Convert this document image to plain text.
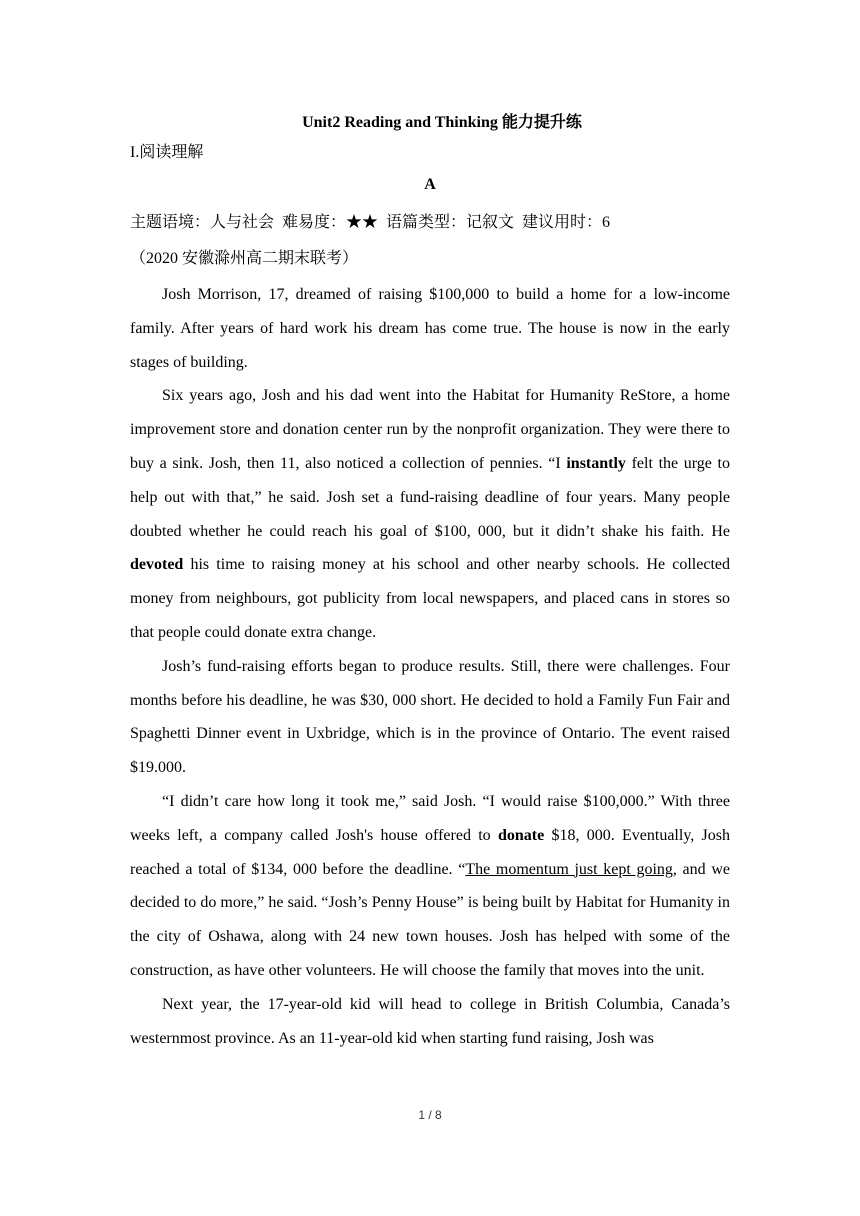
Unit2 Reading and Thinking 能力提升练
I.阅读理解
A
主题语境：人与社会 难易度：★★ 语篇类型：记叙文 建议用时：6
（2020 安徽滁州高二期末联考）

Josh Morrison, 17, dreamed of raising $100,000 to build a home for a low-income family. After years of hard work his dream has come true. The house is now in the early stages of building.

Six years ago, Josh and his dad went into the Habitat for Humanity ReStore, a home improvement store and donation center run by the nonprofit organization. They were there to buy a sink. Josh, then 11, also noticed a collection of pennies. “I instantly felt the urge to help out with that,” he said. Josh set a fund-raising deadline of four years. Many people doubted whether he could reach his goal of $100, 000, but it didn’t shake his faith. He devoted his time to raising money at his school and other nearby schools. He collected money from neighbours, got publicity from local newspapers, and placed cans in stores so that people could donate extra change.

Josh’s fund-raising efforts began to produce results. Still, there were challenges. Four months before his deadline, he was $30, 000 short. He decided to hold a Family Fun Fair and Spaghetti Dinner event in Uxbridge, which is in the province of Ontario. The event raised $19.000.

“I didn’t care how long it took me,” said Josh. “I would raise $100,000.” With three weeks left, a company called Josh's house offered to donate $18, 000. Eventually, Josh reached a total of $134, 000 before the deadline. “The momentum just kept going, and we decided to do more,” he said. “Josh’s Penny House” is being built by Habitat for Humanity in the city of Oshawa, along with 24 new town houses. Josh has helped with some of the construction, as have other volunteers. He will choose the family that moves into the unit.

Next year, the 17-year-old kid will head to college in British Columbia, Canada’s westernmost province. As an 11-year-old kid when starting fund raising, Josh was

1 / 8
